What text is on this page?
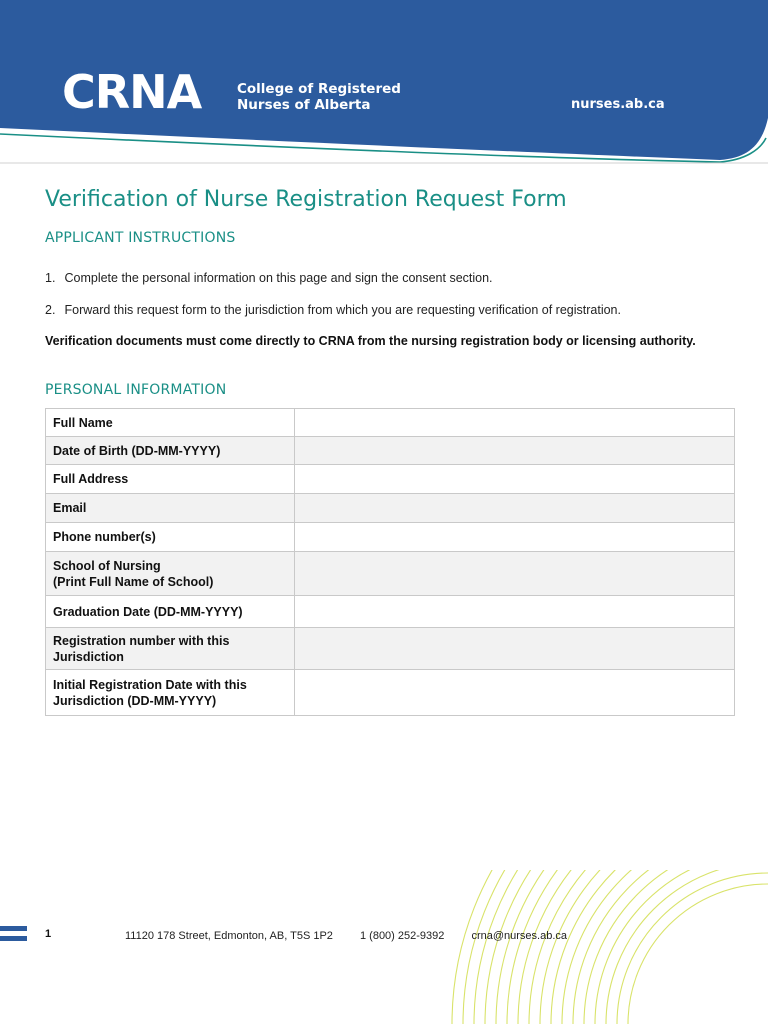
CRNA	College of Registered
Nurses of Alberta	nurses.ab.ca
Verification of Nurse Registration Request Form
APPLICANT INSTRUCTIONS
1. Complete the personal information on this page and sign the consent section.
2. Forward this request form to the jurisdiction from which you are requesting verification of registration.
Verification documents must come directly to CRNA from the nursing registration body or licensing authority.
PERSONAL INFORMATION
Full Name	
Date of Birth (DD-MM-YYYY)	
Full Address	
Email	
Phone number(s)	

School of Nursing
(Print Full Name of School)	

Graduation Date (DD-MM-YYYY)	

Registration number with this
Jurisdiction	

Initial Registration Date with this
Jurisdiction (DD-MM-YYYY)	

1	11120 178 Street, Edmonton, AB, T5S 1P2 1 (800) 252-9392 crna@nurses.ab.ca
